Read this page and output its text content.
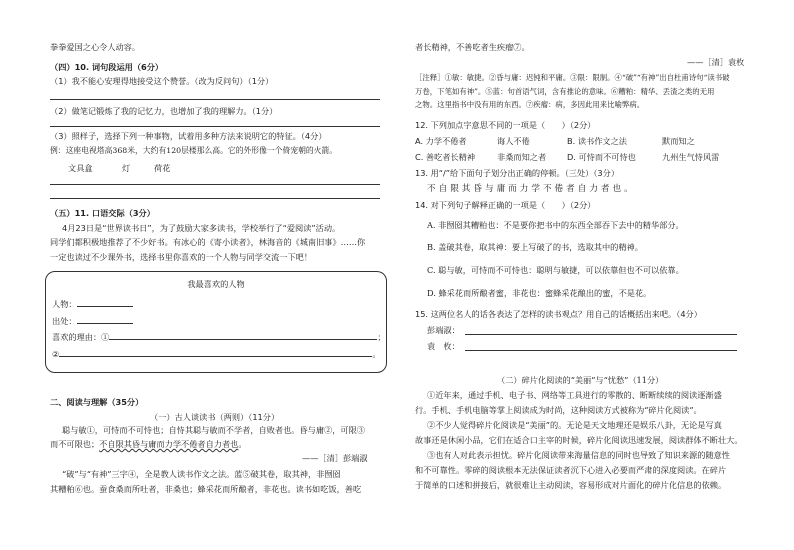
拳拳爱国之心令人动容。
（四）10. 词句段运用（6分）
（1）我不能心安理得地接受这个赞誉。（改为反问句）（1分）
（2）做笔记锻炼了我的记忆力，也增加了我的理解力。（1分）
（3）照样子，选择下列一种事物，试着用多种方法来说明它的特征。（4分）
例：这座电视塔高368米，大约有120层楼那么高。它的外形像一个倚宠朝的火箭。
文具盒	灯	荷花
（五）11. 口语交际（3分）
4月23日是“世界读书日”，为了鼓励大家多读书，学校举行了“爱阅读”活动。
同学们都积极地推荐了不少好书。有冰心的《寄小读者》，林海音的《城南旧事》……你
一定也读过不少课外书，选择书里你喜欢的一个人物与同学交流一下吧！
我最喜欢的人物
人物：
出处：
喜欢的理由：①	；
②	。
二、阅读与理解（35分）
（一）古人谈读书（两则）（11分）
聪与敏①，可恃而不可恃也；自恃其聪与敏而不学者，自败者也。昏与庸②，可限③
而不可限也；不自限其昏与庸而力学不倦者自力者也。
——［清］彭端淑
“破”与“有神”三字④，全是教人读书作文之法。蓝⑤破其卷，取其神，非囫囵
其糟粕⑥也。蚕食桑而所吐者，非桑也；蜂采花而所酿者，非花也。读书如吃饭，善吃
者长精神，不善吃者生疾瘤⑦。
——［清］袁枚
［注释］①敏：敏捷。②昏与庸：迟钝和平庸。③限：限制。④“破”“有神”出自杜甫诗句“读书破
万卷，下笔如有神”。⑤蓝：句首语气词，含有推论的意味。⑥糟粕：精华、丢渣之类的无用
之物。这里指书中没有用的东西。⑦疾瘤：病，多因此用来比喻弊病。
12. 下列加点字意思不同的一项是（　　）（2分）
A. 力学不倦者	诲人不倦	B. 读书作文之法	默而知之
C. 善吃者长精神	非桑而知之者	D. 可恃而不可恃也	九州生气恃风雷
13. 用“/”给下面句子划分出正确的停顿。（三处）（3分）
不自限其昏与庸而力学不倦者自力者也。
14. 对下列句子解释正确的一项是（　　）（2分）
A. 非囫囵其糟粕也：不是要你把书中的东西全部吞下去中的精华部分。
B. 盖破其卷，取其神：要上写破了的书，选取其中的精神。
C. 聪与敏，可恃而不可恃也：聪明与敏捷，可以依靠但也不可以依靠。
D. 蜂采花而所酿者蜜，非花也：蜜蜂采花酿出的蜜，不是花。
15. 这两位名人的话各表达了怎样的读书观点？用自己的话概括出来吧。（4分）
彭端淑：
袁　枚：
（二）碎片化阅读的“美丽”与“忧愁”（11分）
①近年来，通过手机、电子书、网络等工具进行的零散的、断断续续的阅读逐渐盛
行。手机、手机电脑等掌上阅读成为时尚，这种阅读方式被称为“碎片化阅读”。
②不少人觉得碎片化阅读是“美丽”的。无论是天文地理还是娱乐八卦，无论是写真
故事还是休闲小品，它们在适合口主宰的时候，碎片化阅读迅速发展，阅读群体不断壮大。
③也有人对此表示担忧。碎片化阅读带来海量信息的同时也导致了知识来源的随意性
和不可靠性。零碎的阅读根本无法保证读者沉下心进入必要而严肃的深度阅读。在碎片
于简单的口述和拼接后，就很难让主动阅读，容易形成对片面化的碎片化信息的依赖。
